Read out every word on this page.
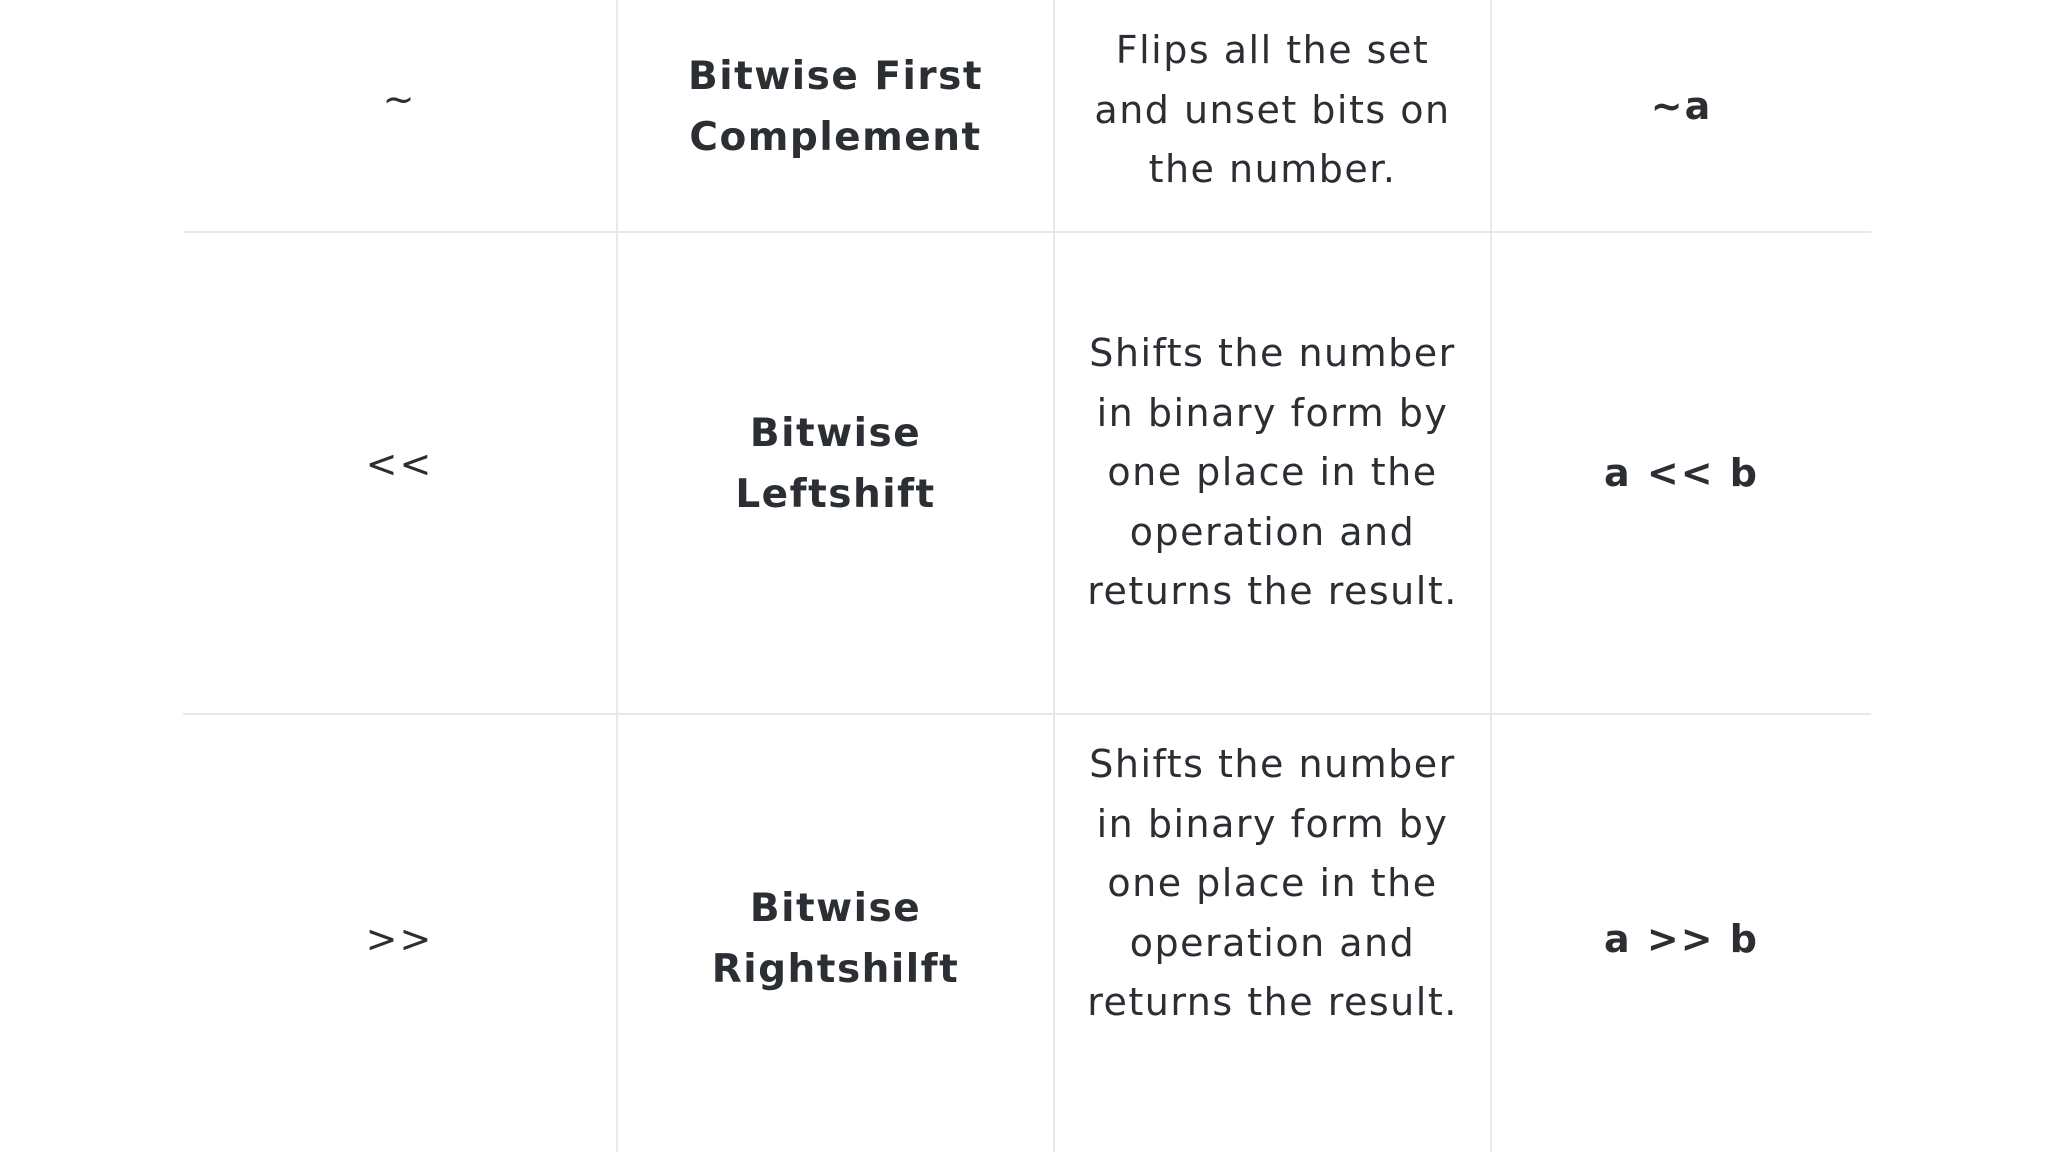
~
Bitwise First Complement
Flips all the set and unset bits on the number.
~a
<<
Bitwise Leftshift
Shifts the number in binary form by one place in the operation and returns the result.
a << b
>>
Bitwise Rightshilft
Shifts the number in binary form by one place in the operation and returns the result.
a >> b
